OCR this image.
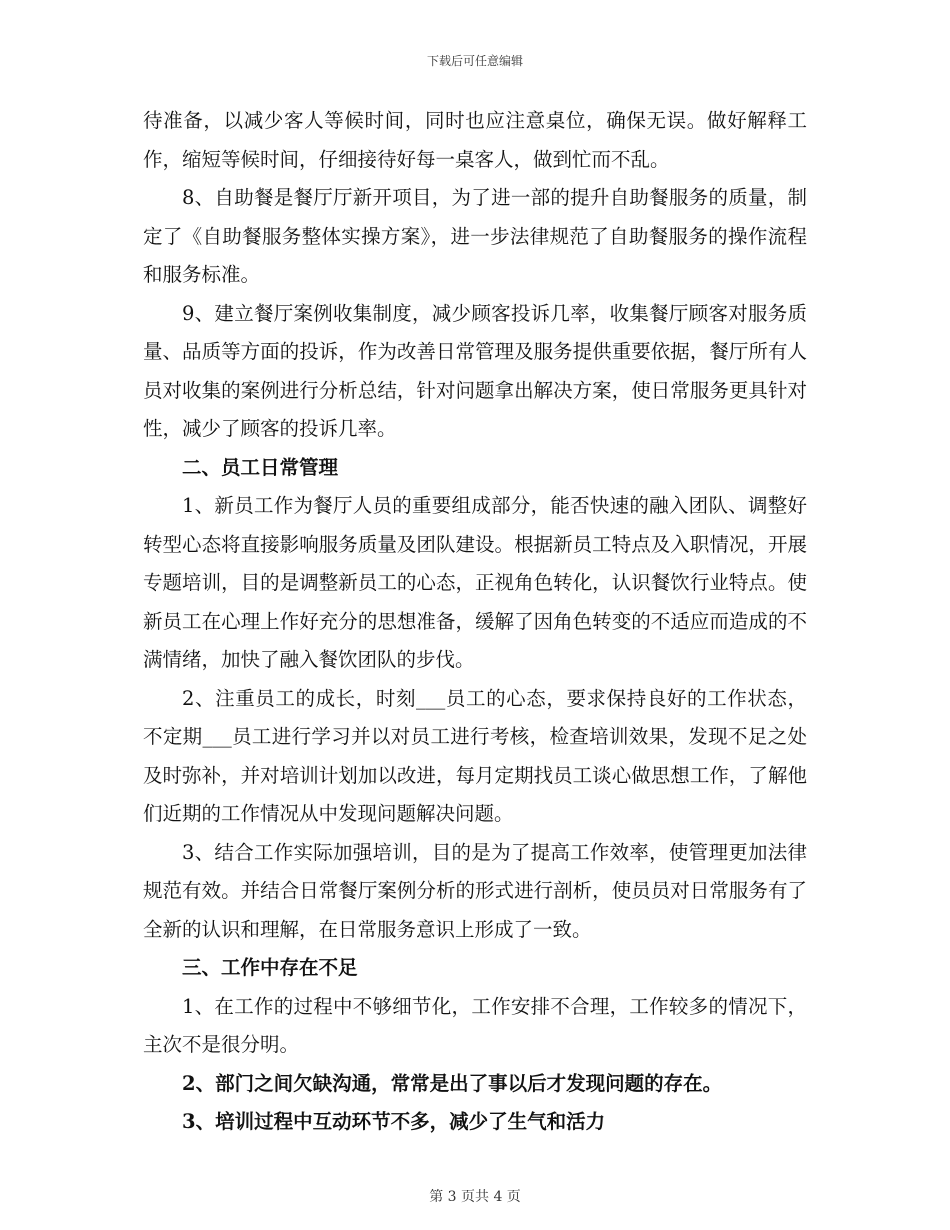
下载后可任意编辑

待准备，以减少客人等候时间，同时也应注意桌位，确保无误。做好解释工作，缩短等候时间，仔细接待好每一桌客人，做到忙而不乱。

8、自助餐是餐厅厅新开项目，为了进一部的提升自助餐服务的质量，制定了《自助餐服务整体实操方案》，进一步法律规范了自助餐服务的操作流程和服务标准。

9、建立餐厅案例收集制度，减少顾客投诉几率，收集餐厅顾客对服务质量、品质等方面的投诉，作为改善日常管理及服务提供重要依据，餐厅所有人员对收集的案例进行分析总结，针对问题拿出解决方案，使日常服务更具针对性，减少了顾客的投诉几率。

二、员工日常管理

1、新员工作为餐厅人员的重要组成部分，能否快速的融入团队、调整好转型心态将直接影响服务质量及团队建设。根据新员工特点及入职情况，开展专题培训，目的是调整新员工的心态，正视角色转化，认识餐饮行业特点。使新员工在心理上作好充分的思想准备，缓解了因角色转变的不适应而造成的不满情绪，加快了融入餐饮团队的步伐。

2、注重员工的成长，时刻___员工的心态，要求保持良好的工作状态，不定期___员工进行学习并以对员工进行考核，检查培训效果，发现不足之处及时弥补，并对培训计划加以改进，每月定期找员工谈心做思想工作，了解他们近期的工作情况从中发现问题解决问题。

3、结合工作实际加强培训，目的是为了提高工作效率，使管理更加法律规范有效。并结合日常餐厅案例分析的形式进行剖析，使员员对日常服务有了全新的认识和理解，在日常服务意识上形成了一致。

三、工作中存在不足

1、在工作的过程中不够细节化，工作安排不合理，工作较多的情况下，主次不是很分明。

2、部门之间欠缺沟通，常常是出了事以后才发现问题的存在。

3、培训过程中互动环节不多，减少了生气和活力

第 3 页共 4 页
